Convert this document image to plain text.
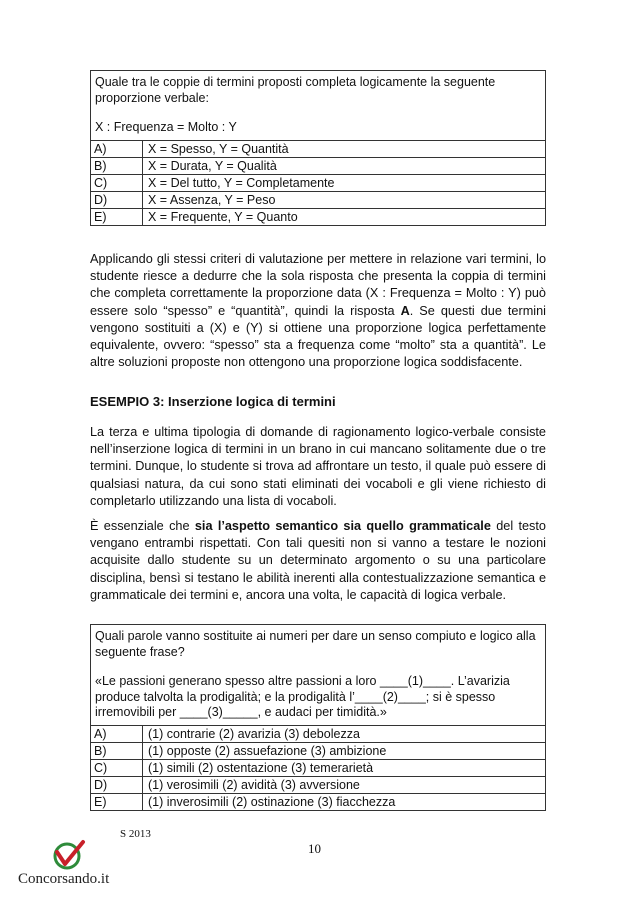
Quale tra le coppie di termini proposti completa logicamente la seguente proporzione verbale:

X : Frequenza = Molto : Y

A)	X = Spesso, Y = Quantità
B)	X = Durata, Y = Qualità
C)	X = Del tutto, Y = Completamente
D)	X = Assenza, Y = Peso
E)	X = Frequente, Y = Quanto

Applicando gli stessi criteri di valutazione per mettere in relazione vari termini, lo studente riesce a dedurre che la sola risposta che presenta la coppia di termini che completa correttamente la proporzione data (X : Frequenza = Molto : Y) può essere solo “spesso” e “quantità”, quindi la risposta A. Se questi due termini vengono sostituiti a (X) e (Y) si ottiene una proporzione logica perfettamente equivalente, ovvero: “spesso” sta a frequenza come “molto” sta a quantità”. Le altre soluzioni proposte non ottengono una proporzione logica soddisfacente.

ESEMPIO 3: Inserzione logica di termini

La terza e ultima tipologia di domande di ragionamento logico-verbale consiste nell’inserzione logica di termini in un brano in cui mancano solitamente due o tre termini. Dunque, lo studente si trova ad affrontare un testo, il quale può essere di qualsiasi natura, da cui sono stati eliminati dei vocaboli e gli viene richiesto di completarlo utilizzando una lista di vocaboli.

È essenziale che sia l’aspetto semantico sia quello grammaticale del testo vengano entrambi rispettati. Con tali quesiti non si vanno a testare le nozioni acquisite dallo studente su un determinato argomento o su una particolare disciplina, bensì si testano le abilità inerenti alla contestualizzazione semantica e grammaticale dei termini e, ancora una volta, le capacità di logica verbale.

Quali parole vanno sostituite ai numeri per dare un senso compiuto e logico alla seguente frase?

«Le passioni generano spesso altre passioni a loro ____(1)____. L’avarizia produce talvolta la prodigalità; e la prodigalità l’____(2)____; si è spesso irremovibili per ____(3)_____, e audaci per timidità.»

A)	(1) contrarie (2) avarizia (3) debolezza
B)	(1) opposte (2) assuefazione (3) ambizione
C)	(1) simili (2) ostentazione (3) temerarietà
D)	(1) verosimili (2) avidità (3) avversione
E)	(1) inverosimili (2) ostinazione (3) fiacchezza
S 2013
10
Concorsando.it
